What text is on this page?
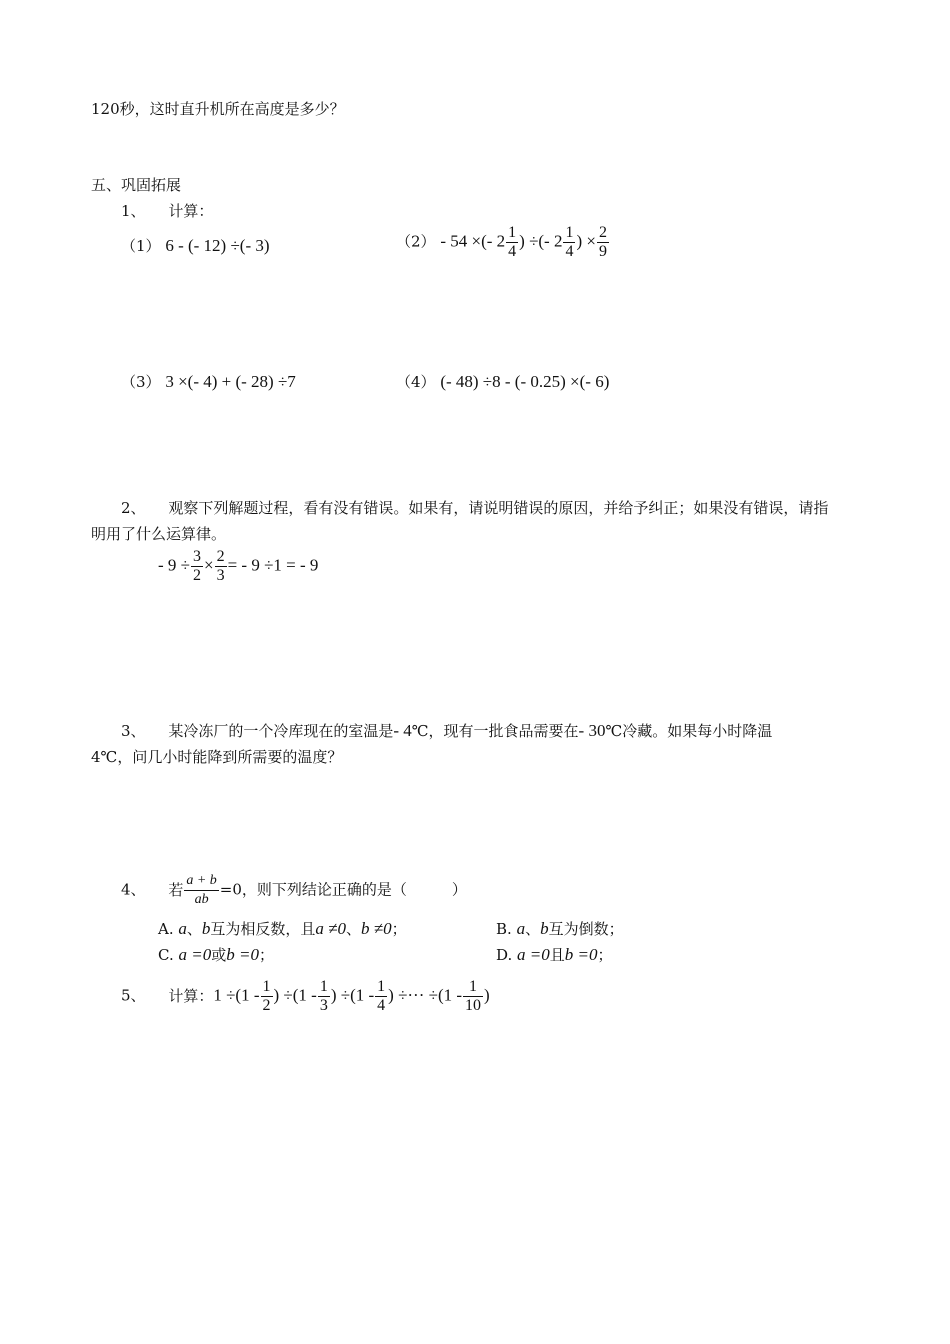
120秒，这时直升机所在高度是多少？
五、巩固拓展
1、 计算：
（1） 6 - (- 12) ÷(- 3)	（2） - 54 ×(- $2 \frac{1}{4}$ ) ÷(- $2 \frac{1}{4}$ ) × $\frac{2}{9}$
（3） 3 ×(- 4) + (- 28) ÷7	（4） (- 48) ÷8 - (- 0.25) ×(- 6)
2、 观察下列解题过程，看有没有错误。如果有，请说明错误的原因，并给予纠正；如果没有错误，请指
明用了什么运算律。
- $9 \div \frac{3}{2} \times \frac{2}{3}$ = - 9 ÷1 = - 9
3、 某冷冻厂的一个冷库现在的室温是- 4℃，现有一批食品需要在- 30℃冷藏。如果每小时降温
4℃，问几小时能降到所需要的温度？
4、 若 $\frac{a + b}{ab} =0$，则下列结论正确的是（　　　）
A. a、b互为相反数，且a ≠0、b ≠0；	B. a、b互为倒数；
C. a =0或b =0；	D. a =0且b =0；
5、 计算：$1 \div(1 - \frac{1}{2}$ ) $\div(1 - \frac{1}{3}$ ) $\div(1 - \frac{1}{4}$ ) ÷··· $\div(1 - \frac{1}{10}$ )
